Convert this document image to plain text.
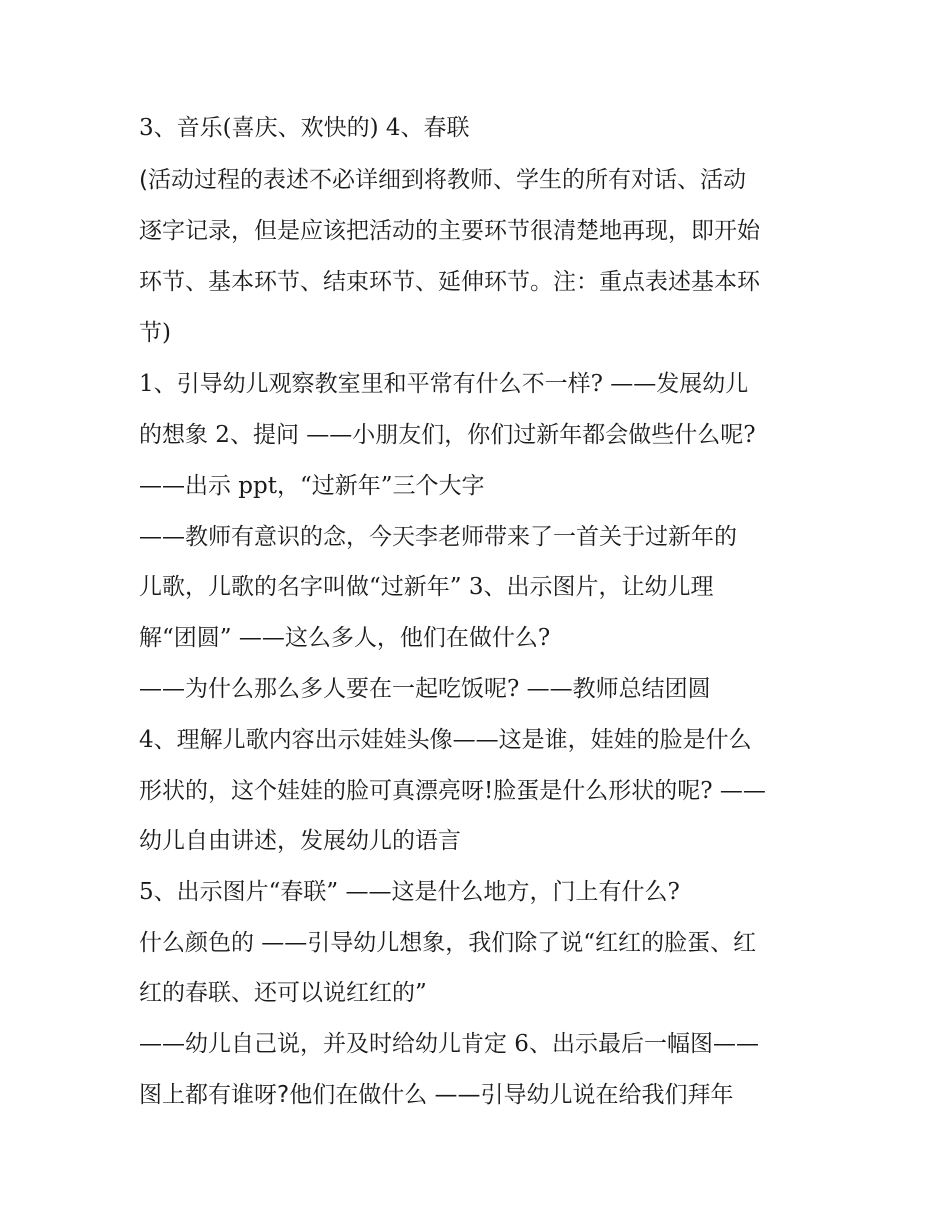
3、音乐(喜庆、欢快的) 4、春联
(活动过程的表述不必详细到将教师、学生的所有对话、活动
逐字记录，但是应该把活动的主要环节很清楚地再现，即开始
环节、基本环节、结束环节、延伸环节。注：重点表述基本环
节)
1、引导幼儿观察教室里和平常有什么不一样? ——发展幼儿
的想象 2、提问 ——小朋友们，你们过新年都会做些什么呢?
——出示 ppt，“过新年”三个大字
——教师有意识的念，今天李老师带来了一首关于过新年的
儿歌，儿歌的名字叫做“过新年” 3、出示图片，让幼儿理
解“团圆” ——这么多人，他们在做什么?
——为什么那么多人要在一起吃饭呢? ——教师总结团圆
4、理解儿歌内容出示娃娃头像——这是谁，娃娃的脸是什么
形状的，这个娃娃的脸可真漂亮呀!脸蛋是什么形状的呢? ——
幼儿自由讲述，发展幼儿的语言
5、出示图片“春联” ——这是什么地方，门上有什么?
什么颜色的 ——引导幼儿想象，我们除了说“红红的脸蛋、红
红的春联、还可以说红红的”
——幼儿自己说，并及时给幼儿肯定 6、出示最后一幅图——
图上都有谁呀?他们在做什么 ——引导幼儿说在给我们拜年
